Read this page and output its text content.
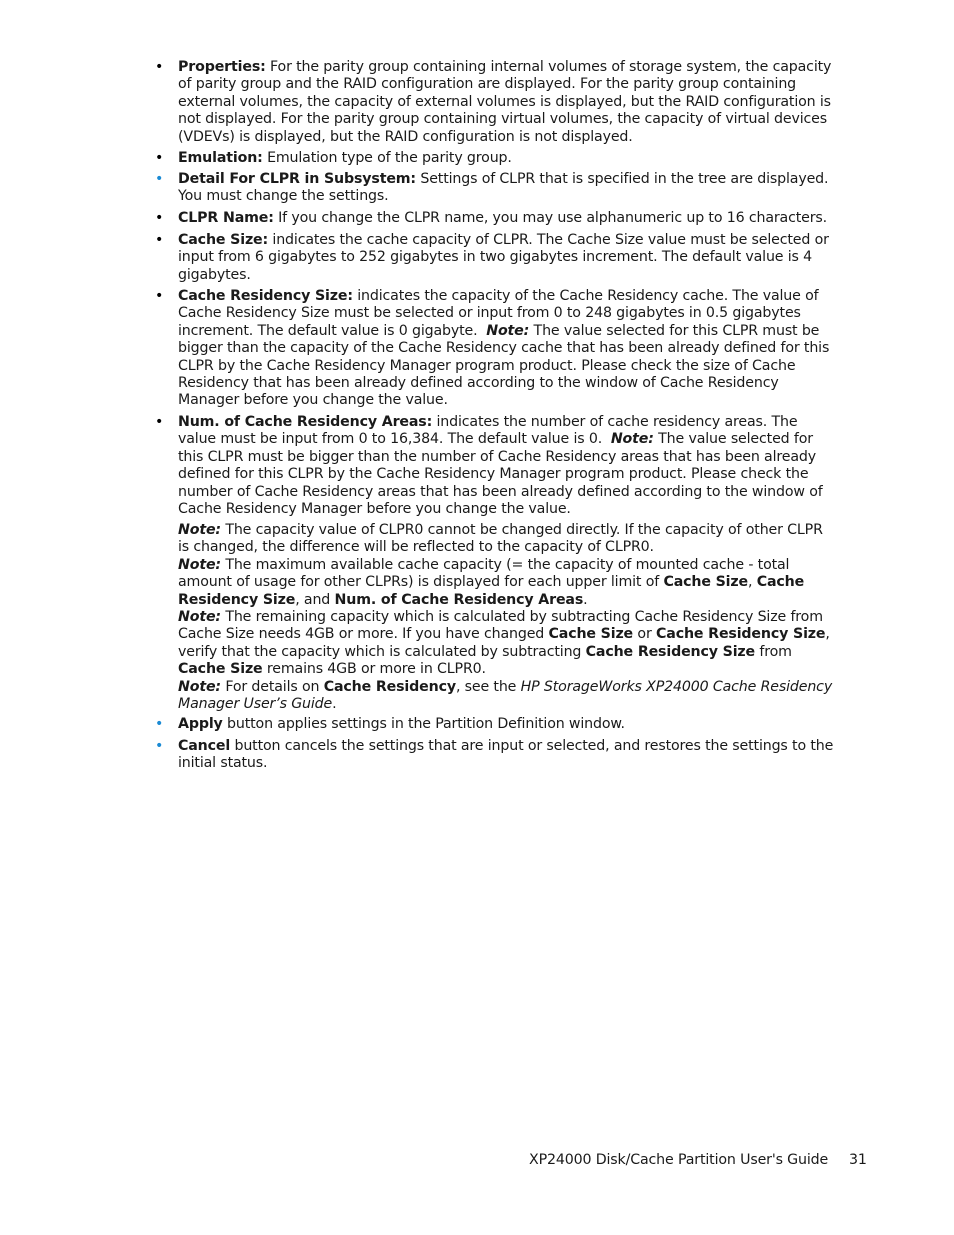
•	Properties: For the parity group containing internal volumes of storage system, the capacity of parity group and the RAID configuration are displayed. For the parity group containing external volumes, the capacity of external volumes is displayed, but the RAID configuration is not displayed. For the parity group containing virtual volumes, the capacity of virtual devices (VDEVs) is displayed, but the RAID configuration is not displayed.
•	Emulation: Emulation type of the parity group.
•	Detail For CLPR in Subsystem: Settings of CLPR that is specified in the tree are displayed. You must change the settings.
•	CLPR Name: If you change the CLPR name, you may use alphanumeric up to 16 characters.
•	Cache Size: indicates the cache capacity of CLPR. The Cache Size value must be selected or input from 6 gigabytes to 252 gigabytes in two gigabytes increment. The default value is 4 gigabytes.
•	Cache Residency Size: indicates the capacity of the Cache Residency cache. The value of Cache Residency Size must be selected or input from 0 to 248 gigabytes in 0.5 gigabytes increment. The default value is 0 gigabyte. Note: The value selected for this CLPR must be bigger than the capacity of the Cache Residency cache that has been already defined for this CLPR by the Cache Residency Manager program product. Please check the size of Cache Residency that has been already defined according to the window of Cache Residency Manager before you change the value.
•	Num. of Cache Residency Areas: indicates the number of cache residency areas. The value must be input from 0 to 16,384. The default value is 0. Note: The value selected for this CLPR must be bigger than the number of Cache Residency areas that has been already defined for this CLPR by the Cache Residency Manager program product. Please check the number of Cache Residency areas that has been already defined according to the window of Cache Residency Manager before you change the value.
Note: The capacity value of CLPR0 cannot be changed directly. If the capacity of other CLPR is changed, the difference will be reflected to the capacity of CLPR0.
Note: The maximum available cache capacity (= the capacity of mounted cache - total amount of usage for other CLPRs) is displayed for each upper limit of Cache Size, Cache Residency Size, and Num. of Cache Residency Areas.
Note: The remaining capacity which is calculated by subtracting Cache Residency Size from Cache Size needs 4GB or more. If you have changed Cache Size or Cache Residency Size, verify that the capacity which is calculated by subtracting Cache Residency Size from Cache Size remains 4GB or more in CLPR0.
Note: For details on Cache Residency, see the HP StorageWorks XP24000 Cache Residency Manager User’s Guide.
•	Apply button applies settings in the Partition Definition window.
•	Cancel button cancels the settings that are input or selected, and restores the settings to the initial status.
XP24000 Disk/Cache Partition User's Guide 31
